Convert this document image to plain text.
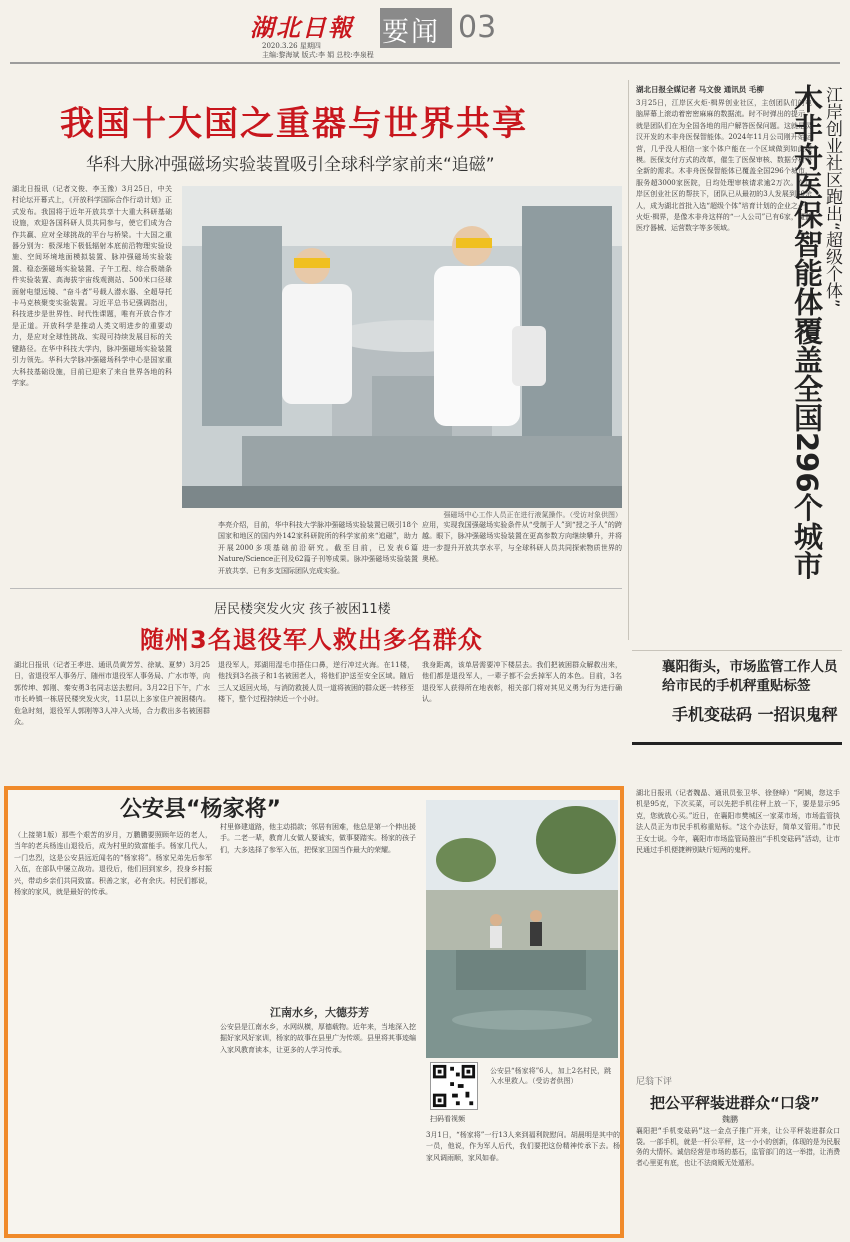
湖北日報
2020.3.26 星期四
主编:黎海斌 版式:李 娟 总校:李泉程
要闻 03
我国十大国之重器与世界共享
华科大脉冲强磁场实验装置吸引全球科学家前来“追磁”
湖北日报讯（记者文俊、李玉豫）3月25日，中关村论坛开幕式上，《开放科学国际合作行动计划》正式发布。我国将于近年开放共享十大重大科研基础设施，欢迎各国科研人员共同参与，使它们成为合作共赢、应对全球挑战的平台与桥梁。十大国之重器分别为：极深地下极低辐射本底前沿物理实验设施、空间环境地面模拟装置、脉冲强磁场实验装置、稳态强磁场实验装置、子午工程、综合极端条件实验装置、高海拔宇宙线观测站、500米口径球面射电望远镜、“奋斗者”号载人潜水器、全超导托卡马克核聚变实验装置。习近平总书记强调指出，科技进步是世界性、时代性课题，唯有开放合作才是正道。开放科学是推动人类文明进步的重要动力，是应对全球性挑战、实现可持续发展目标的关键路径。在华中科技大学内，脉冲强磁场实验装置引力领先。华科大学脉冲强磁场科学中心是国家重大科技基础设施，目前已迎来了来自世界各地的科学家。
强磁场中心工作人员正在进行液氮操作。（受访对象供图）
李亮介绍，目前，华中科技大学脉冲强磁场实验装置已吸引18个国家和地区的国内外142家科研院所的科学家前来“追磁”，助力开展2000多项基础前沿研究。截至目前，已发表6篇Nature/Science正刊及62篇子刊等成果。脉冲强磁场实验装置开放共享，已有多支国际团队完成实验。
应用，实现我国强磁场实验条件从“受制于人”到“授之予人”的跨越。眼下，脉冲强磁场实验装置在更高参数方向继续攀升，并将进一步提升开放共享水平，与全球科研人员共同探索物质世界的奥秘。
湖北日报全媒记者 马文俊 通讯员 毛柳
3月25日，江岸区火炬·楫界创业社区，主创团队们的电脑屏幕上滚动着密密麻麻的数据流。时不时弹出的提示，就是团队们在为全国各地的用户解答医保问题。这就是灵汉开发的木非舟医保智能体。2024年11月公司刚开始运营，几乎没人相信一家个体户能在一个区域做到如此规模。医保支付方式的改革，催生了医保审核、数据分析等全新的需求。木非舟医保智能体已覆盖全国296个城市，服务超3000家医院，日均处理审核请求逾2万次。在江岸区创业社区的帮扶下，团队已从最初的3人发展到30余人，成为湖北首批入选“超级个体”培育计划的企业之一。火炬·楫界，是像木非舟这样的“一人公司”已有6家，覆盖医疗器械、运营数字等多领域。	江岸创业社区跑出“超级个体”
木非舟医保智能体覆盖全国296个城市
居民楼突发火灾 孩子被困11楼
随州3名退役军人救出多名群众
湖北日报讯（记者王孝进、通讯员黄芳芳、徐斌、夏梦）3月25日，省退役军人事务厅、随州市退役军人事务局、广水市等，向郭传坤、郭刚、秦安勇3名同志送去慰问。3月22日下午，广水市长岭镇一栋居民楼突发火灾，11层以上多家住户被困楼内。危急时刻，退役军人郭刚等3人冲入火场，合力救出多名被困群众。
退役军人，郑湖用湿毛巾捂住口鼻，逆行冲过火海。在11楼，他找到3名孩子和1名被困老人，将他们护送至安全区域。随后三人又返回火场，与消防救援人员一道将被困的群众逐一转移至楼下，整个过程持续近一个小时。
我身距离，该单居需要冲下楼层去。我们把被困群众解救出来，他们都是退役军人，一辈子都不会丢掉军人的本色。目前，3名退役军人获得所在地表彰，相关部门将对其见义勇为行为进行确认。
襄阳街头，市场监管工作人员给市民的手机秤重贴标签
手机变砝码 一招识鬼秤
湖北日报讯（记者魏晶、通讯员张卫华、徐登峰）“阿姨，您这手机是95克，下次买菜，可以先把手机往秤上放一下，要是显示95克，您就放心买。”近日，在襄阳市樊城区一家菜市场，市场监管执法人员正为市民手机称重贴标。“这个办法好，简单又管用。”市民王女士说。今年，襄阳市市场监管局推出“手机变砝码”活动，让市民通过手机便捷辨别缺斤短两的鬼秤。
公安县“杨家将”
（上接第1版）那些个艰苦的岁月，万鹏鹏要照顾年迈的老人，当年的老兵杨连山退役后，成为村里的致富能手。杨家几代人，一门忠烈，这是公安县远近闻名的“杨家将”。杨家兄弟先后参军入伍，在部队中屡立战功。退役后，他们回到家乡，投身乡村振兴，带动乡亲们共同致富。积善之家，必有余庆。村民们都说，杨家的家风，就是最好的传承。
村里修建道路，他主动捐款；邻居有困难，他总是第一个伸出援手。二老一辈，教育儿女做人要诚实，做事要踏实。杨家的孩子们，大多选择了参军入伍，把保家卫国当作最大的荣耀。
江南水乡，大德芬芳
公安县是江南水乡，水网纵横，厚德载物。近年来，当地深入挖掘好家风好家训，杨家的故事在县里广为传颂。县里将其事迹编入家风教育读本，让更多的人学习传承。
扫码看视频
公安县“杨家将”6人，加上2名村民，跳入水里救人。（受访者供图）
3月1日，“杨家将”一行13人来到福利院慰问。胡晨明是其中的一员，他说，作为军人后代，我们要把这份精神传承下去。杨家风调雨顺，家风如春。
尼翁下评
把公平秤装进群众“口袋”
魏鹏
襄阳把“手机变砝码”这一金点子推广开来，让公平秤装进群众口袋。一部手机，就是一杆公平秤，这一小小的创新，体现的是为民服务的大情怀。诚信经营是市场的基石，监管部门的这一举措，让消费者心里更有底，也让不法商贩无处遁形。
